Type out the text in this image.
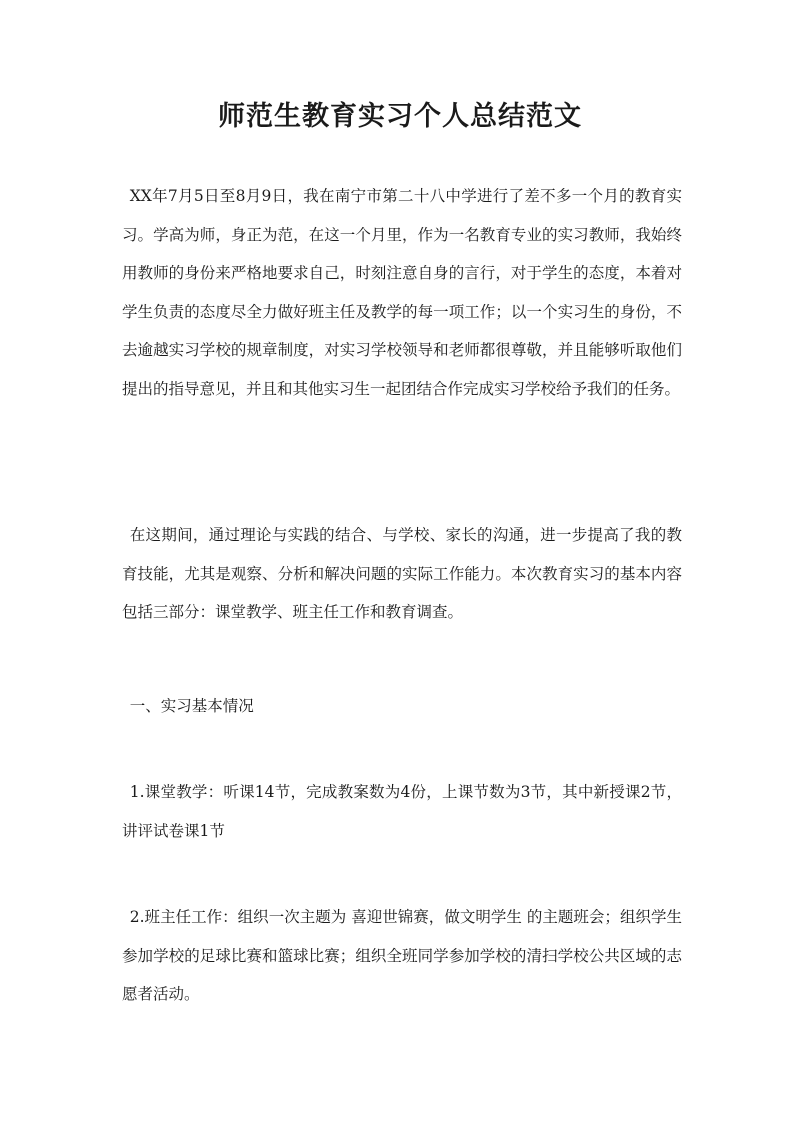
师范生教育实习个人总结范文

XX年7月5日至8月9日，我在南宁市第二十八中学进行了差不多一个月的教育实习。学高为师，身正为范，在这一个月里，作为一名教育专业的实习教师，我始终用教师的身份来严格地要求自己，时刻注意自身的言行，对于学生的态度，本着对学生负责的态度尽全力做好班主任及教学的每一项工作；以一个实习生的身份，不去逾越实习学校的规章制度，对实习学校领导和老师都很尊敬，并且能够听取他们提出的指导意见，并且和其他实习生一起团结合作完成实习学校给予我们的任务。

在这期间，通过理论与实践的结合、与学校、家长的沟通，进一步提高了我的教育技能，尤其是观察、分析和解决问题的实际工作能力。本次教育实习的基本内容包括三部分：课堂教学、班主任工作和教育调查。

一、实习基本情况

1.课堂教学：听课14节，完成教案数为4份，上课节数为3节，其中新授课2节，讲评试卷课1节

2.班主任工作：组织一次主题为 喜迎世锦赛，做文明学生 的主题班会；组织学生参加学校的足球比赛和篮球比赛；组织全班同学参加学校的清扫学校公共区域的志愿者活动。
